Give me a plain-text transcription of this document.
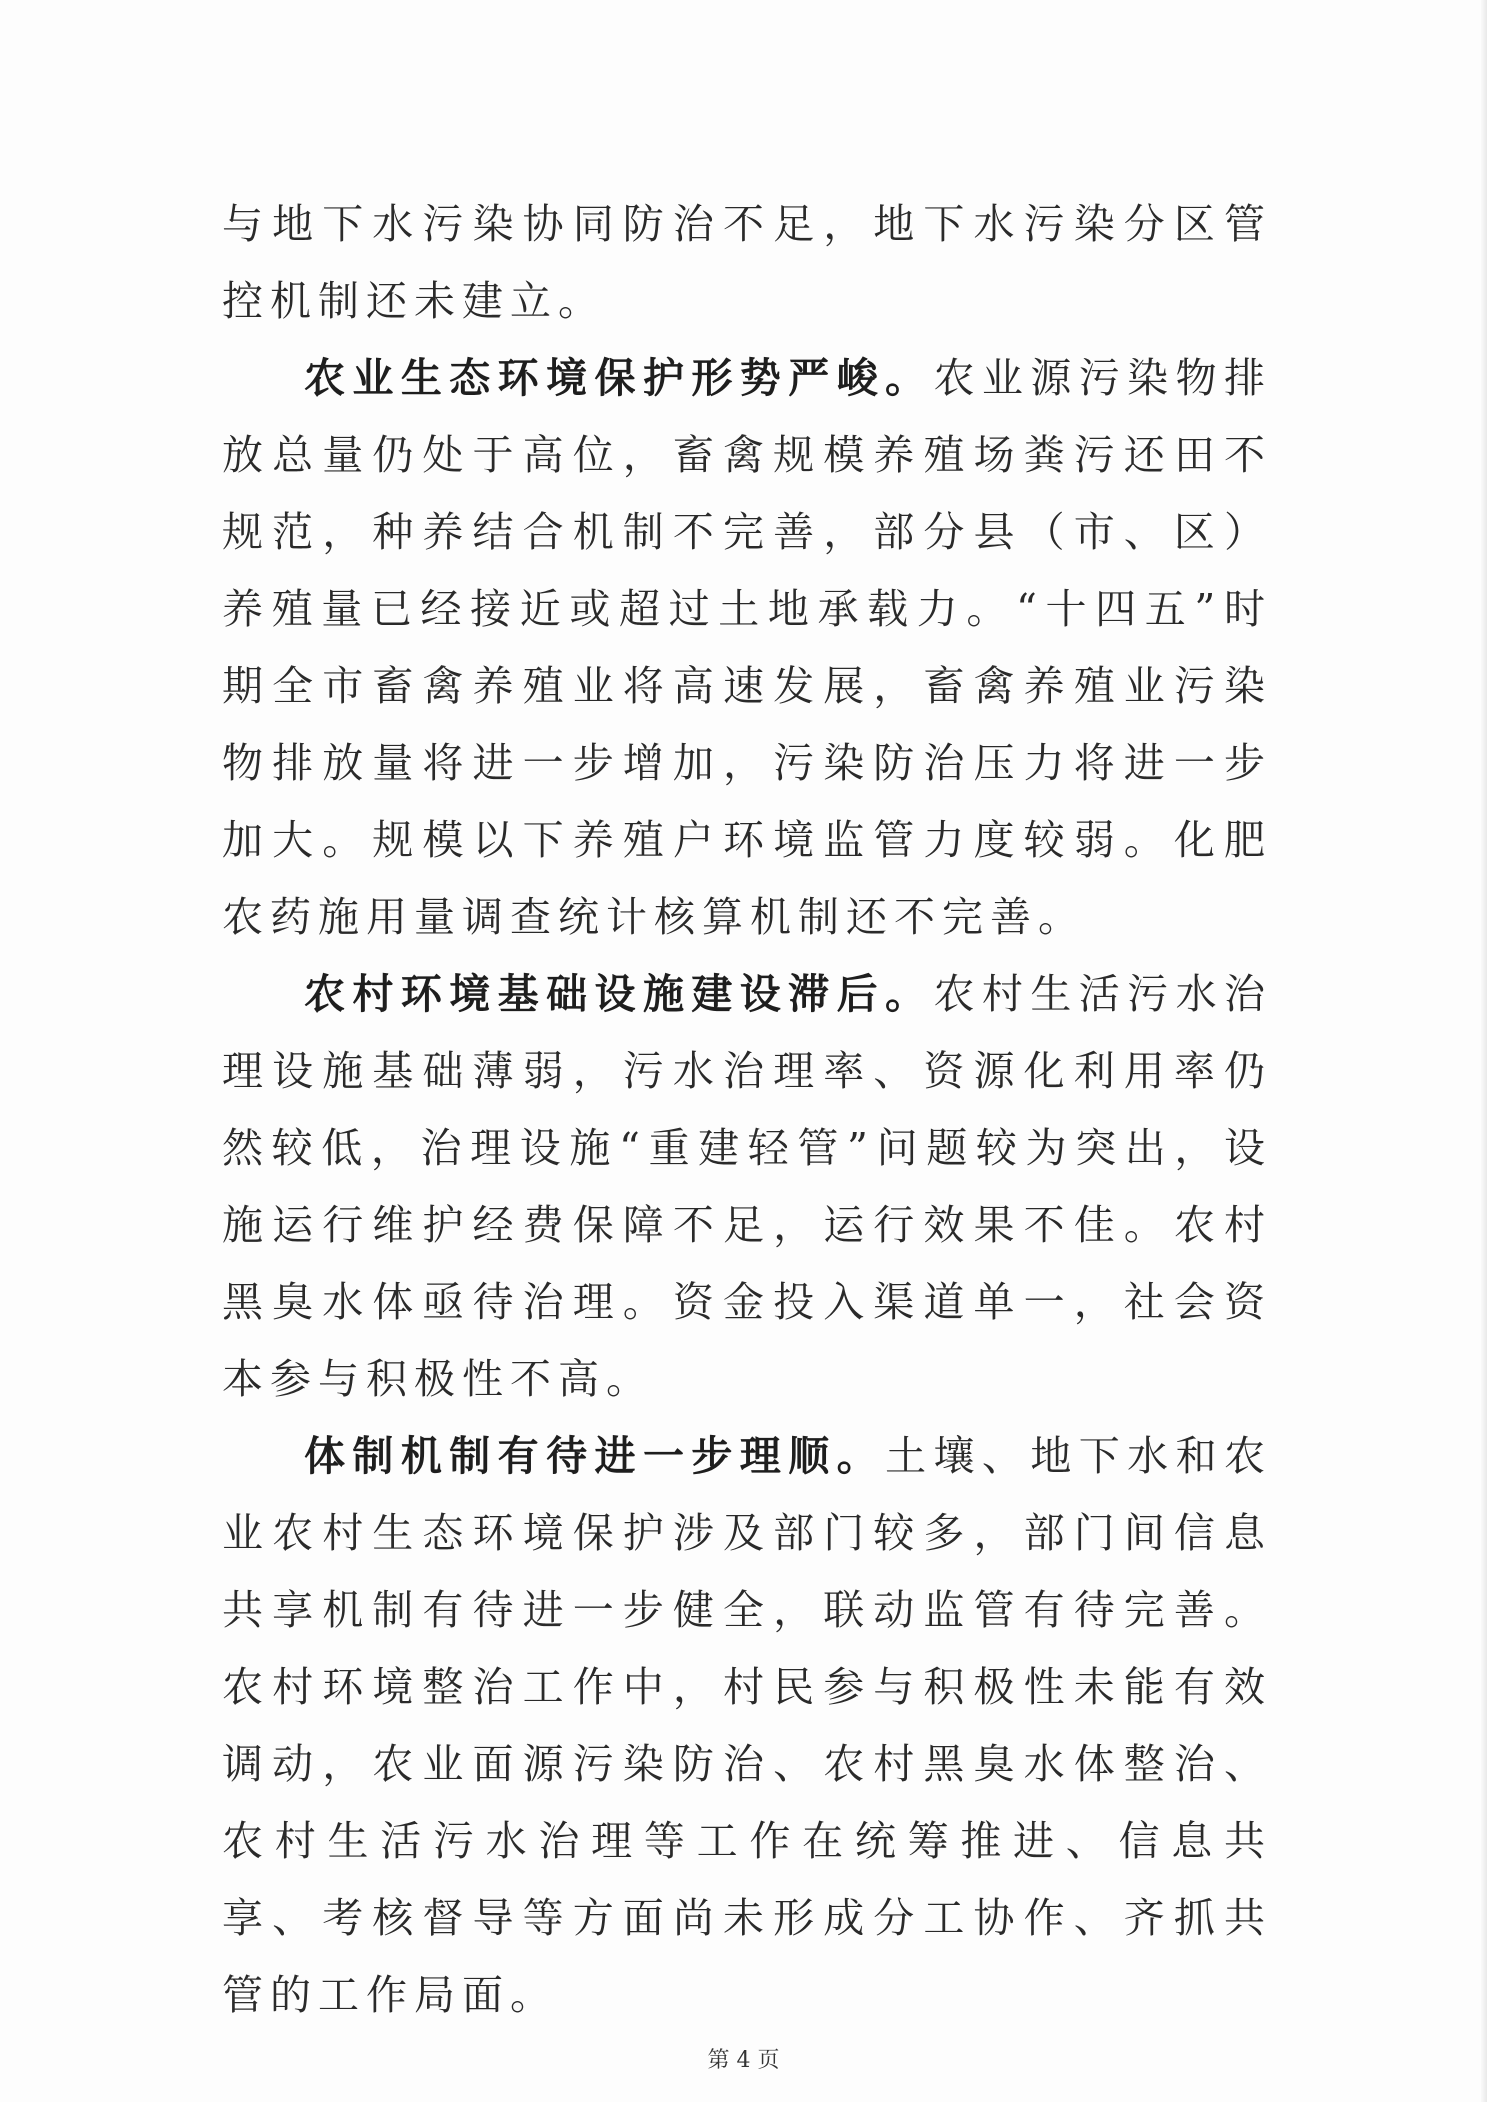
与地下水污染协同防治不足，地下水污染分区管控机制还未建立。

农业生态环境保护形势严峻。农业源污染物排放总量仍处于高位，畜禽规模养殖场粪污还田不规范，种养结合机制不完善，部分县（市、区）养殖量已经接近或超过土地承载力。“十四五”时期全市畜禽养殖业将高速发展，畜禽养殖业污染物排放量将进一步增加，污染防治压力将进一步加大。规模以下养殖户环境监管力度较弱。化肥农药施用量调查统计核算机制还不完善。

农村环境基础设施建设滞后。农村生活污水治理设施基础薄弱，污水治理率、资源化利用率仍然较低，治理设施“重建轻管”问题较为突出，设施运行维护经费保障不足，运行效果不佳。农村黑臭水体亟待治理。资金投入渠道单一，社会资本参与积极性不高。

体制机制有待进一步理顺。土壤、地下水和农业农村生态环境保护涉及部门较多，部门间信息共享机制有待进一步健全，联动监管有待完善。农村环境整治工作中，村民参与积极性未能有效调动，农业面源污染防治、农村黑臭水体整治、农村生活污水治理等工作在统筹推进、信息共享、考核督导等方面尚未形成分工协作、齐抓共管的工作局面。

第 4 页
